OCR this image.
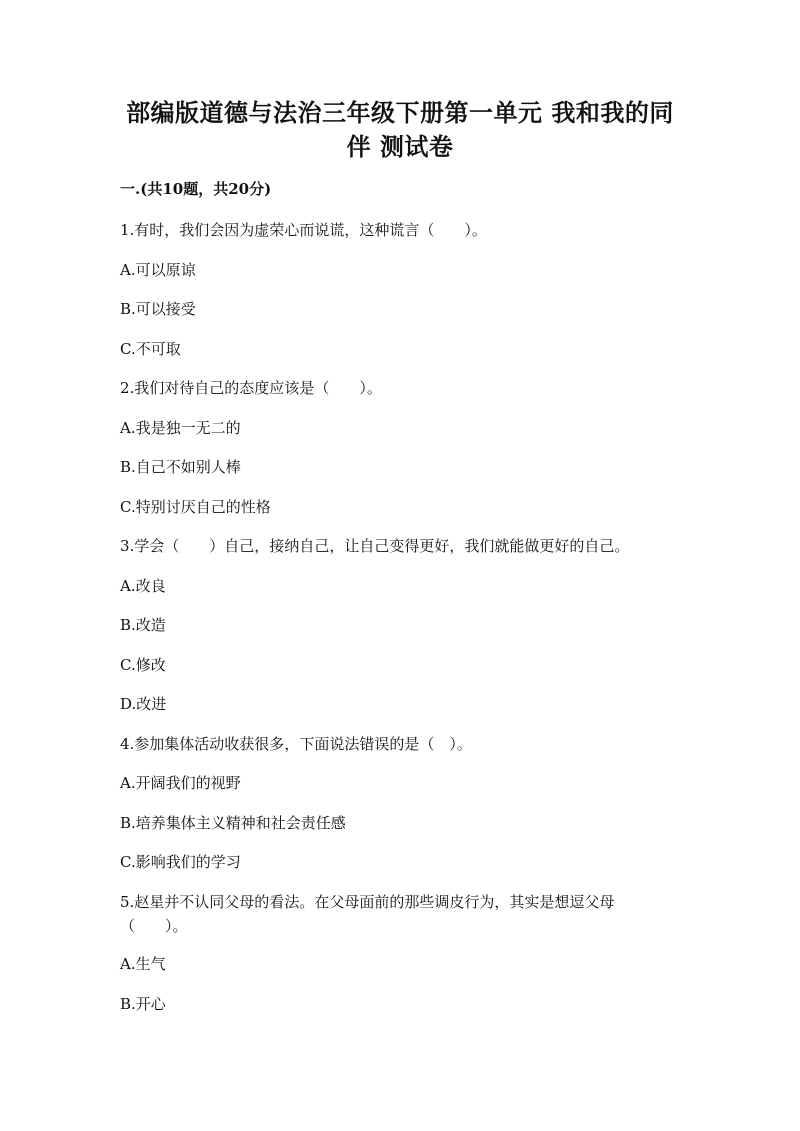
部编版道德与法治三年级下册第一单元 我和我的同伴 测试卷
一.(共10题，共20分)
1.有时，我们会因为虚荣心而说谎，这种谎言（　　）。
A.可以原谅
B.可以接受
C.不可取
2.我们对待自己的态度应该是（　　）。
A.我是独一无二的
B.自己不如别人棒
C.特别讨厌自己的性格
3.学会（　　）自己，接纳自己，让自己变得更好，我们就能做更好的自己。
A.改良
B.改造
C.修改
D.改进
4.参加集体活动收获很多，下面说法错误的是（　）。
A.开阔我们的视野
B.培养集体主义精神和社会责任感
C.影响我们的学习
5.赵星并不认同父母的看法。在父母面前的那些调皮行为，其实是想逗父母（　　）。
A.生气
B.开心
